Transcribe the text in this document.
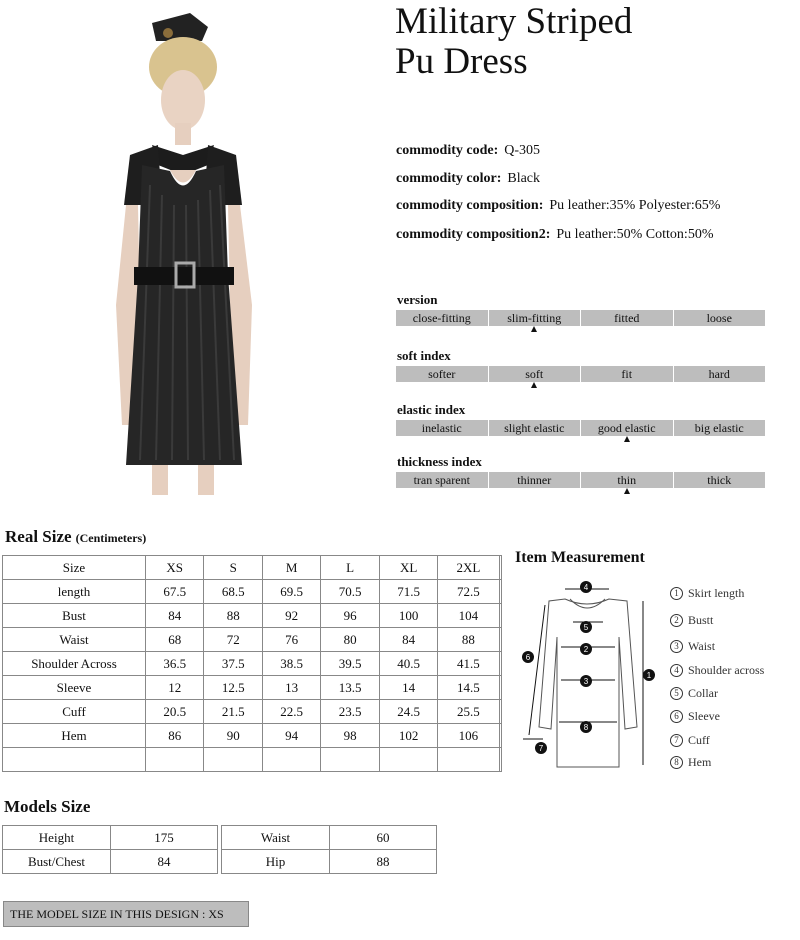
Military Striped
Pu Dress
commodity code: Q-305
commodity color: Black
commodity composition: Pu leather:35% Polyester:65%
commodity composition2: Pu leather:50% Cotton:50%
version
close-fitting	slim-fitting	fitted	loose
soft index
softer	soft	fit	hard
elastic index
inelastic	slight elastic	good elastic	big elastic
thickness index
tran sparent	thinner	thin	thick
Real Size (Centimeters)
Size	XS	S	M	L	XL	2XL	
length	67.5	68.5	69.5	70.5	71.5	72.5	
Bust	84	88	92	96	100	104	
Waist	68	72	76	80	84	88	
Shoulder Across	36.5	37.5	38.5	39.5	40.5	41.5	
Sleeve	12	12.5	13	13.5	14	14.5	
Cuff	20.5	21.5	22.5	23.5	24.5	25.5	
Hem	86	90	94	98	102	106	

Item Measurement
4
5
2
3
8
1
6
7
1 Skirt length
2 Bustt
3 Waist
4 Shoulder across
5 Collar
6 Sleeve
7 Cuff
8 Hem
Models Size
Height	175
Bust/Chest	84
Waist	60
Hip	88
THE MODEL SIZE IN THIS DESIGN : XS
